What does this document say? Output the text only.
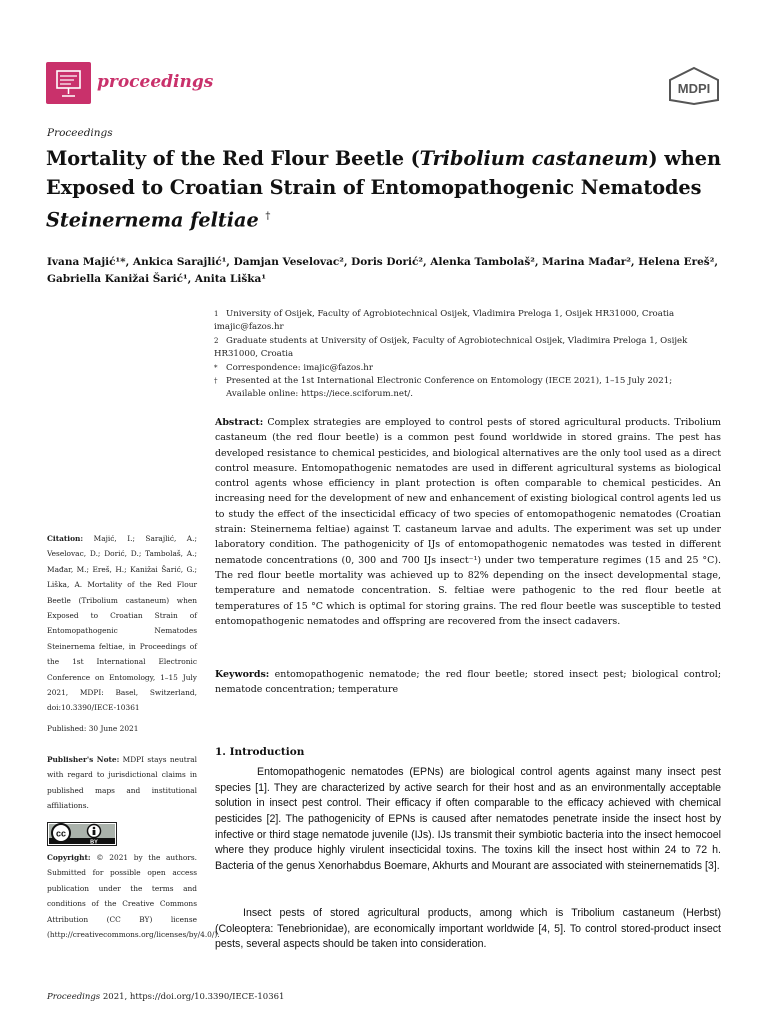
proceedings	MDPI
Proceedings
Mortality of the Red Flour Beetle (Tribolium castaneum) when Exposed to Croatian Strain of Entomopathogenic Nematodes
Steinernema feltiae †
Ivana Majić¹*, Ankica Sarajlić¹, Damjan Veselovac², Doris Dorić², Alenka Tambolaš², Marina Mađar², Helena Ereš²,
Gabriella Kanižai Šarić¹, Anita Liška¹
1 University of Osijek, Faculty of Agrobiotechnical Osijek, Vladimira Preloga 1, Osijek HR31000, Croatia
imajic@fazos.hr
2 Graduate students at University of Osijek, Faculty of Agrobiotechnical Osijek, Vladimira Preloga 1, Osijek
HR31000, Croatia
* Correspondence: imajic@fazos.hr
† Presented at the 1st International Electronic Conference on Entomology (IECE 2021), 1–15 July 2021;
Available online: https://iece.sciforum.net/.
Abstract: Complex strategies are employed to control pests of stored agricultural products. Tribolium castaneum (the red flour beetle) is a common pest found worldwide in stored grains. The pest has developed resistance to chemical pesticides, and biological alternatives are the only tool used as a direct control measure. Entomopathogenic nematodes are used in different agricultural systems as biological control agents whose efficiency in plant protection is often comparable to chemical pesticides. An increasing need for the development of new and enhancement of existing biological control agents led us to study the effect of the insecticidal efficacy of two species of entomopathogenic nematodes (Croatian strain: Steinernema feltiae) against T. castaneum larvae and adults. The experiment was set up under laboratory condition. The pathogenicity of IJs of entomopathogenic nematodes was tested in different nematode concentrations (0, 300 and 700 IJs insect⁻¹) under two temperature regimes (15 and 25 °C). The red flour beetle mortality was achieved up to 82% depending on the insect developmental stage, temperature and nematode concentration. S. feltiae were pathogenic to the red flour beetle at temperatures of 15 °C which is optimal for storing grains. The red flour beetle was susceptible to tested entomopathogenic nematodes and offspring are recovered from the insect cadavers.
Keywords: entomopathogenic nematode; the red flour beetle; stored insect pest; biological control; nematode concentration; temperature
Citation: Majić, I.; Sarajlić, A.; Veselovac, D.; Dorić, D.; Tambolaš, A.; Mađar, M.; Ereš, H.; Kanižai Šarić, G.; Liška, A. Mortality of the Red Flour Beetle (Tribolium castaneum) when Exposed to Croatian Strain of Entomopathogenic Nematodes Steinernema feltiae, in Proceedings of the 1st International Electronic Conference on Entomology, 1–15 July 2021, MDPI: Basel, Switzerland, doi:10.3390/IECE-10361
Published: 30 June 2021
Publisher's Note: MDPI stays neutral with regard to jurisdictional claims in published maps and institutional affiliations.
cc
BY
Copyright: © 2021 by the authors. Submitted for possible open access publication under the terms and conditions of the Creative Commons Attribution (CC BY) license (http://creativecommons.org/licenses/by/4.0/).
1. Introduction
Entomopathogenic nematodes (EPNs) are biological control agents against many insect pest species [1]. They are characterized by active search for their host and as an environmentally acceptable solution in insect pest control. Their efficacy if often comparable to the efficacy achieved with chemical pesticides [2]. The pathogenicity of EPNs is caused after nematodes penetrate inside the insect host by infective or third stage nematode juvenile (IJs). IJs transmit their symbiotic bacteria into the insect hemocoel where they produce highly virulent insecticidal toxins. The toxins kill the insect host within 24 to 72 h. Bacteria of the genus Xenorhabdus Boemare, Akhurts and Mourant are associated with steinernematids [3].
Insect pests of stored agricultural products, among which is Tribolium castaneum (Herbst) (Coleoptera: Tenebrionidae), are economically important worldwide [4, 5]. To control stored-product insect pests, several aspects should be taken into consideration.
Proceedings 2021, https://doi.org/10.3390/IECE-10361
